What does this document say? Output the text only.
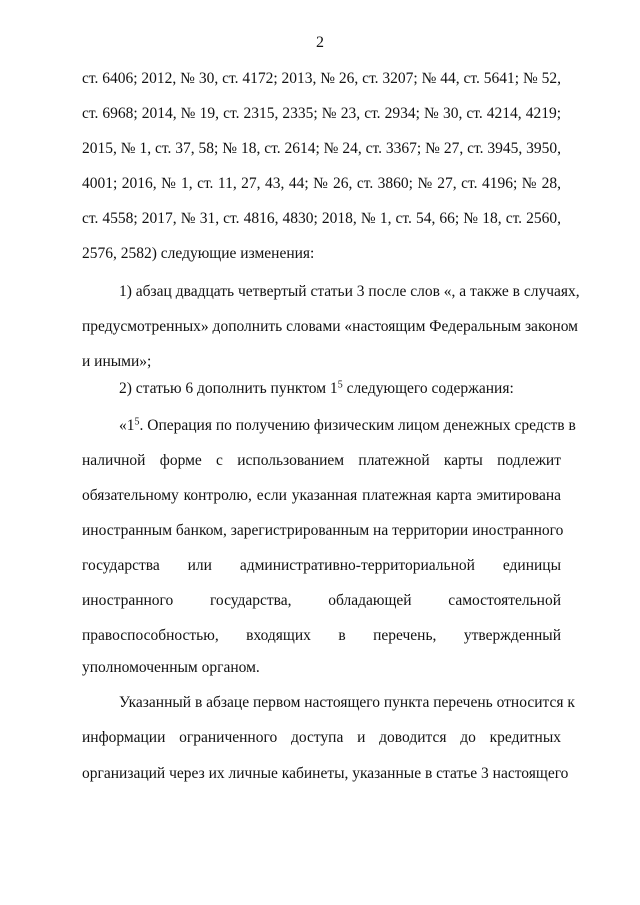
2
ст. 6406; 2012, № 30, ст. 4172; 2013, № 26, ст. 3207; № 44, ст. 5641; № 52,
ст. 6968; 2014, № 19, ст. 2315, 2335; № 23, ст. 2934; № 30, ст. 4214, 4219;
2015, № 1, ст. 37, 58; № 18, ст. 2614; № 24, ст. 3367; № 27, ст. 3945, 3950,
4001; 2016, № 1, ст. 11, 27, 43, 44; № 26, ст. 3860; № 27, ст. 4196; № 28,
ст. 4558; 2017, № 31, ст. 4816, 4830; 2018, № 1, ст. 54, 66; № 18, ст. 2560,
2576, 2582) следующие изменения:
1) абзац двадцать четвертый статьи 3 после слов «, а также в случаях,
предусмотренных» дополнить словами «настоящим Федеральным законом
и иными»;
2) статью 6 дополнить пунктом $1^5$ следующего содержания:
«$1^5$. Операция по получению физическим лицом денежных средств в
наличной форме с использованием платежной карты подлежит
обязательному контролю, если указанная платежная карта эмитирована
иностранным банком, зарегистрированным на территории иностранного
государства или административно-территориальной единицы
иностранного государства, обладающей самостоятельной
правоспособностью, входящих в перечень, утвержденный
уполномоченным органом.
Указанный в абзаце первом настоящего пункта перечень относится к
информации ограниченного доступа и доводится до кредитных
организаций через их личные кабинеты, указанные в статье 3 настоящего
